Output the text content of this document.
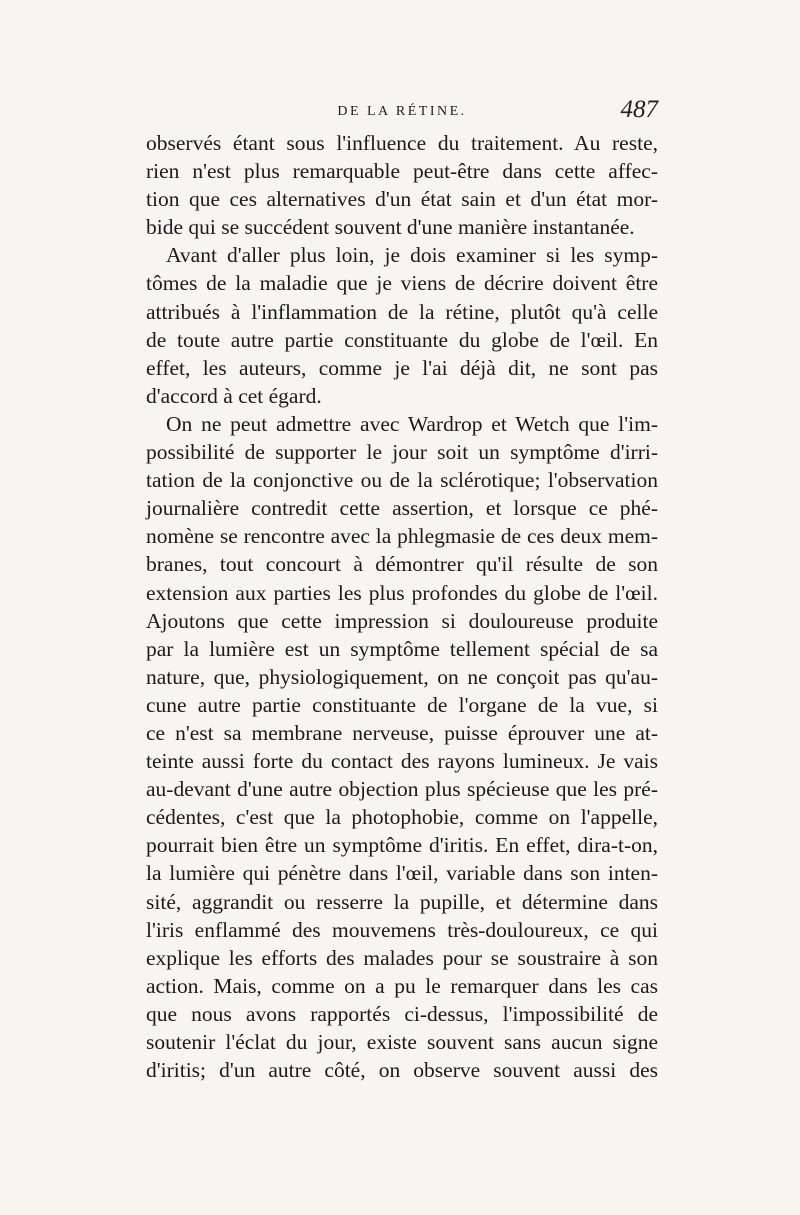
DE LA RÉTINE.	487
observés étant sous l'influence du traitement. Au reste,
rien n'est plus remarquable peut-être dans cette affec-
tion que ces alternatives d'un état sain et d'un état mor-
bide qui se succédent souvent d'une manière instantanée.
Avant d'aller plus loin, je dois examiner si les symp-
tômes de la maladie que je viens de décrire doivent être
attribués à l'inflammation de la rétine, plutôt qu'à celle
de toute autre partie constituante du globe de l'œil. En
effet, les auteurs, comme je l'ai déjà dit, ne sont pas
d'accord à cet égard.
On ne peut admettre avec Wardrop et Wetch que l'im-
possibilité de supporter le jour soit un symptôme d'irri-
tation de la conjonctive ou de la sclérotique; l'observation
journalière contredit cette assertion, et lorsque ce phé-
nomène se rencontre avec la phlegmasie de ces deux mem-
branes, tout concourt à démontrer qu'il résulte de son
extension aux parties les plus profondes du globe de l'œil.
Ajoutons que cette impression si douloureuse produite
par la lumière est un symptôme tellement spécial de sa
nature, que, physiologiquement, on ne conçoit pas qu'au-
cune autre partie constituante de l'organe de la vue, si
ce n'est sa membrane nerveuse, puisse éprouver une at-
teinte aussi forte du contact des rayons lumineux. Je vais
au-devant d'une autre objection plus spécieuse que les pré-
cédentes, c'est que la photophobie, comme on l'appelle,
pourrait bien être un symptôme d'iritis. En effet, dira-t-on,
la lumière qui pénètre dans l'œil, variable dans son inten-
sité, aggrandit ou resserre la pupille, et détermine dans
l'iris enflammé des mouvemens très-douloureux, ce qui
explique les efforts des malades pour se soustraire à son
action. Mais, comme on a pu le remarquer dans les cas
que nous avons rapportés ci-dessus, l'impossibilité de
soutenir l'éclat du jour, existe souvent sans aucun signe
d'iritis; d'un autre côté, on observe souvent aussi des
